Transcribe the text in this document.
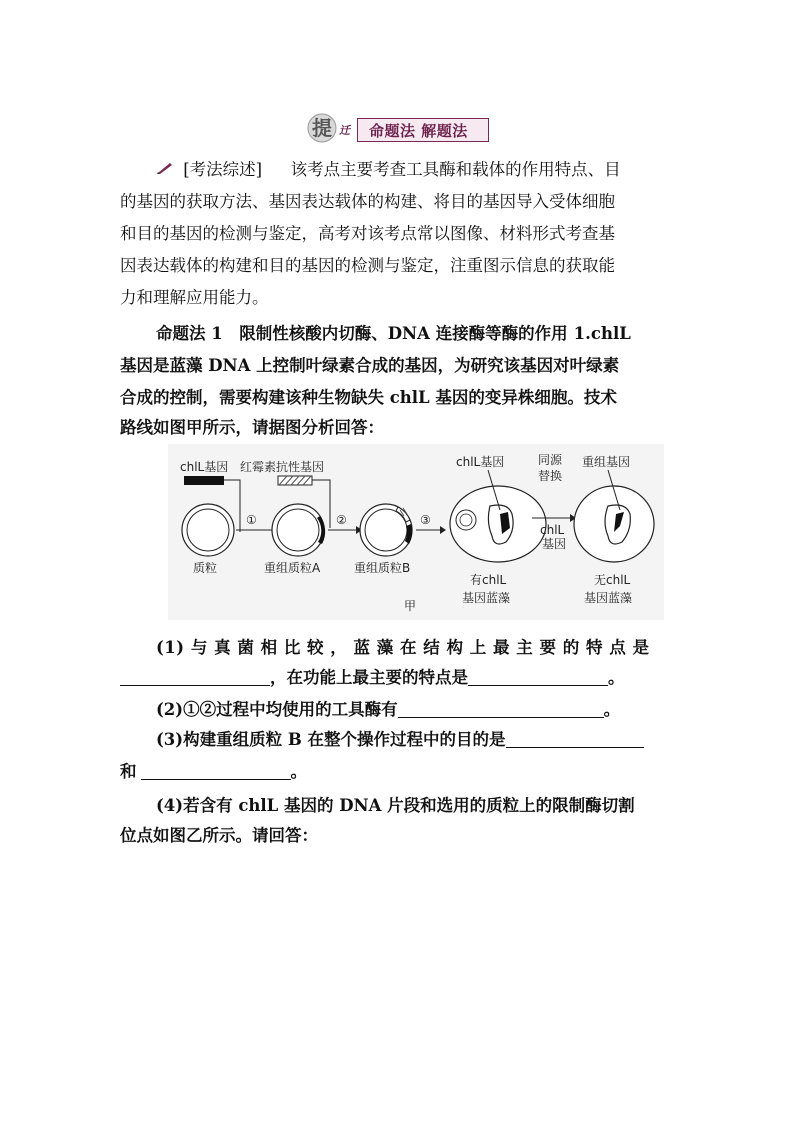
提 迁 命题法 解题法
[考法综述] 该考点主要考查工具酶和载体的作用特点、目
的基因的获取方法、基因表达载体的构建、将目的基因导入受体细胞
和目的基因的检测与鉴定，高考对该考点常以图像、材料形式考查基
因表达载体的构建和目的基因的检测与鉴定，注重图示信息的获取能
力和理解应用能力。
命题法 1　限制性核酸内切酶、DNA 连接酶等酶的作用 1.chlL
基因是蓝藻 DNA 上控制叶绿素合成的基因，为研究该基因对叶绿素
合成的控制，需要构建该种生物缺失 chlL 基因的变异株细胞。技术
路线如图甲所示，请据图分析回答：
chlL基因 红霉素抗性基因
质粒
①
重组质粒A
②
重组质粒B
③
chlL基因
有chlL
基因蓝藻
同源
替换
chlL
基因
重组基因
无chlL
基因蓝藻
甲
(1) 与 真 菌 相 比 较 ， 蓝 藻 在 结 构 上 最 主 要 的 特 点 是
，在功能上最主要的特点是	。
(2)①②过程中均使用的工具酶有	。
(3)构建重组质粒 B 在整个操作过程中的目的是
和	。
(4)若含有 chlL 基因的 DNA 片段和选用的质粒上的限制酶切割
位点如图乙所示。请回答：
